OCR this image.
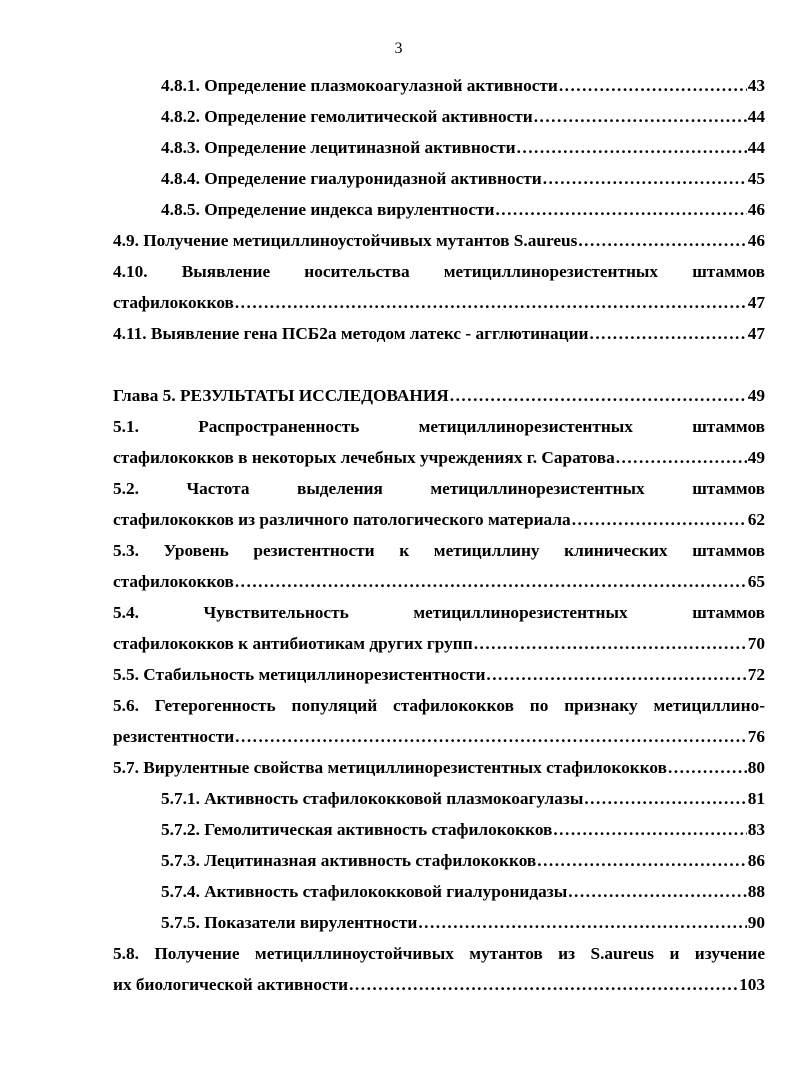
3
4.8.1. Определение плазмокоагулазной активности .....	43
4.8.2. Определение гемолитической активности .....	44
4.8.3. Определение лецитиназной активности .....	44
4.8.4. Определение гиалуронидазной активности .....	45
4.8.5. Определение индекса вирулентности .....	46
4.9. Получение метициллиноустойчивых мутантов S.aureus .....	46
4.10. Выявление носительства метициллинорезистентных штаммов
стафилококков .....	47
4.11. Выявление гена ПСБ2а методом латекс - агглютинации .....	47
Глава 5. РЕЗУЛЬТАТЫ ИССЛЕДОВАНИЯ .....	49
5.1. Распространенность метициллинорезистентных штаммов
стафилококков в некоторых лечебных учреждениях г. Саратова .....	49
5.2. Частота выделения метициллинорезистентных штаммов
стафилококков из различного патологического материала .....	62
5.3. Уровень резистентности к метициллину клинических штаммов
стафилококков .....	65
5.4. Чувствительность метициллинорезистентных штаммов
стафилококков к антибиотикам других групп .....	70
5.5. Стабильность метициллинорезистентности .....	72
5.6. Гетерогенность популяций стафилококков по признаку метициллино-
резистентности .....	76
5.7. Вирулентные свойства метициллинорезистентных стафилококков .....	80
5.7.1. Активность стафилококковой плазмокоагулазы .....	81
5.7.2. Гемолитическая активность стафилококков .....	83
5.7.3. Лецитиназная активность стафилококков .....	86
5.7.4. Активность стафилококковой гиалуронидазы .....	88
5.7.5. Показатели вирулентности .....	90
5.8. Получение метициллиноустойчивых мутантов из S.aureus и изучение
их биологической активности .....	103
